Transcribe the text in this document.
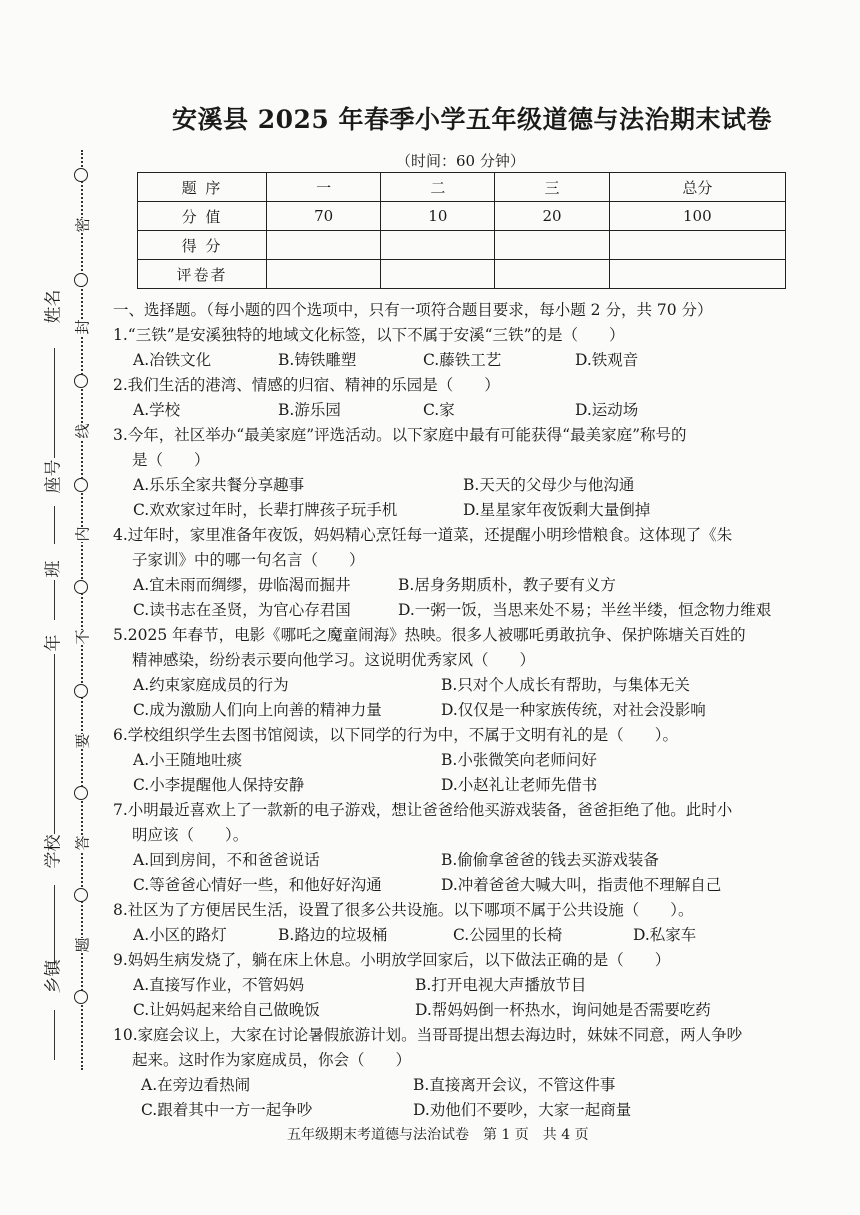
密
封
线
内
不
要
答
题
姓名
座号
班
年
学校
乡镇
安溪县 2025 年春季小学五年级道德与法治期末试卷
（时间：60 分钟）
题 序	一	二	三	总分
分 值	70	10	20	100
得 分				
评卷者				
一、选择题。（每小题的四个选项中，只有一项符合题目要求，每小题 2 分，共 70 分）
1.“三铁”是安溪独特的地域文化标签，以下不属于安溪“三铁”的是（　　）
A.冶铁文化	B.铸铁雕塑	C.藤铁工艺	D.铁观音
2.我们生活的港湾、情感的归宿、精神的乐园是（　　）
A.学校	B.游乐园	C.家	D.运动场
3.今年，社区举办“最美家庭”评选活动。以下家庭中最有可能获得“最美家庭”称号的
是（　　）
A.乐乐全家共餐分享趣事	B.天天的父母少与他沟通
C.欢欢家过年时，长辈打牌孩子玩手机	D.星星家年夜饭剩大量倒掉
4.过年时，家里准备年夜饭，妈妈精心烹饪每一道菜，还提醒小明珍惜粮食。这体现了《朱
子家训》中的哪一句名言（　　）
A.宜未雨而绸缪，毋临渴而掘井	B.居身务期质朴，教子要有义方
C.读书志在圣贤，为官心存君国	D.一粥一饭，当思来处不易；半丝半缕，恒念物力维艰
5.2025 年春节，电影《哪吒之魔童闹海》热映。很多人被哪吒勇敢抗争、保护陈塘关百姓的
精神感染，纷纷表示要向他学习。这说明优秀家风（　　）
A.约束家庭成员的行为	B.只对个人成长有帮助，与集体无关
C.成为激励人们向上向善的精神力量	D.仅仅是一种家族传统，对社会没影响
6.学校组织学生去图书馆阅读，以下同学的行为中，不属于文明有礼的是（　　）。
A.小王随地吐痰	B.小张微笑向老师问好
C.小李提醒他人保持安静	D.小赵礼让老师先借书
7.小明最近喜欢上了一款新的电子游戏，想让爸爸给他买游戏装备，爸爸拒绝了他。此时小
明应该（　　）。
A.回到房间，不和爸爸说话	B.偷偷拿爸爸的钱去买游戏装备
C.等爸爸心情好一些，和他好好沟通	D.冲着爸爸大喊大叫，指责他不理解自己
8.社区为了方便居民生活，设置了很多公共设施。以下哪项不属于公共设施（　　）。
A.小区的路灯	B.路边的垃圾桶	C.公园里的长椅	D.私家车
9.妈妈生病发烧了，躺在床上休息。小明放学回家后，以下做法正确的是（　　）
A.直接写作业，不管妈妈	B.打开电视大声播放节目
C.让妈妈起来给自己做晚饭	D.帮妈妈倒一杯热水，询问她是否需要吃药
10.家庭会议上，大家在讨论暑假旅游计划。当哥哥提出想去海边时，妹妹不同意，两人争吵
起来。这时作为家庭成员，你会（　　）
A.在旁边看热闹	B.直接离开会议，不管这件事
C.跟着其中一方一起争吵	D.劝他们不要吵，大家一起商量
五年级期末考道德与法治试卷　第 1 页　共 4 页
